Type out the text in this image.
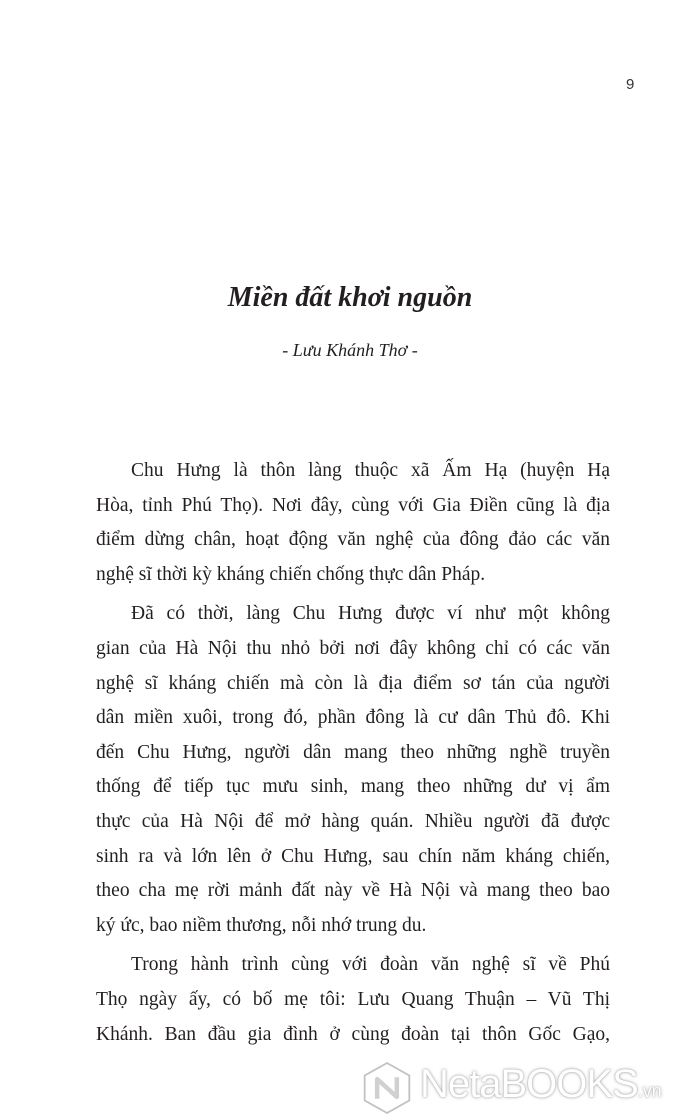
9
Miền đất khơi nguồn
- Lưu Khánh Thơ -
Chu Hưng là thôn làng thuộc xã Ấm Hạ (huyện Hạ
Hòa, tỉnh Phú Thọ). Nơi đây, cùng với Gia Điền cũng là địa
điểm dừng chân, hoạt động văn nghệ của đông đảo các văn
nghệ sĩ thời kỳ kháng chiến chống thực dân Pháp.
Đã có thời, làng Chu Hưng được ví như một không
gian của Hà Nội thu nhỏ bởi nơi đây không chỉ có các văn
nghệ sĩ kháng chiến mà còn là địa điểm sơ tán của người
dân miền xuôi, trong đó, phần đông là cư dân Thủ đô. Khi
đến Chu Hưng, người dân mang theo những nghề truyền
thống để tiếp tục mưu sinh, mang theo những dư vị ẩm
thực của Hà Nội để mở hàng quán. Nhiều người đã được
sinh ra và lớn lên ở Chu Hưng, sau chín năm kháng chiến,
theo cha mẹ rời mảnh đất này về Hà Nội và mang theo bao
ký ức, bao niềm thương, nỗi nhớ trung du.
Trong hành trình cùng với đoàn văn nghệ sĩ về Phú
Thọ ngày ấy, có bố mẹ tôi: Lưu Quang Thuận – Vũ Thị
Khánh. Ban đầu gia đình ở cùng đoàn tại thôn Gốc Gạo,
NetaBOOKS.vn
